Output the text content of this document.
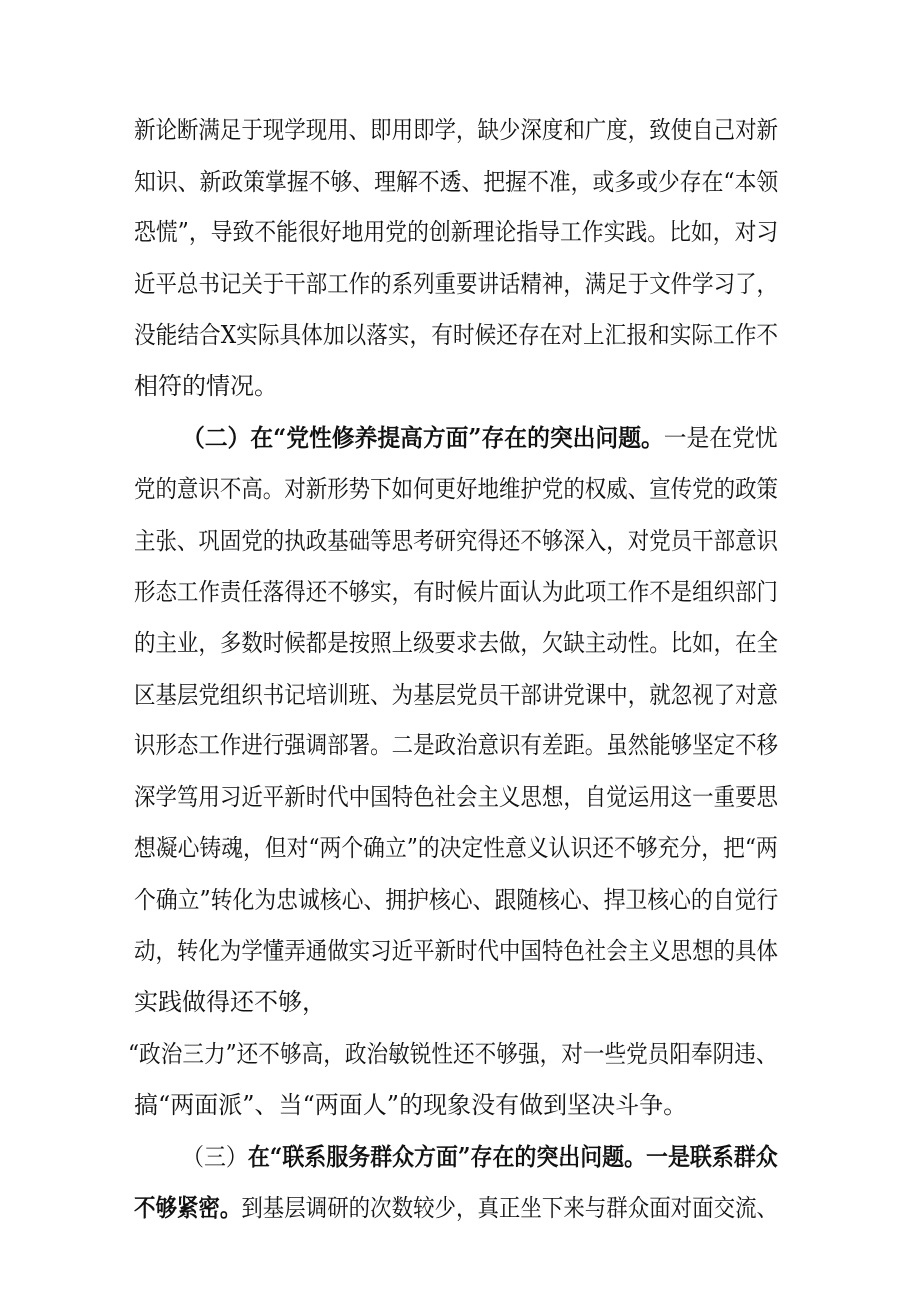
新论断满足于现学现用、即用即学，缺少深度和广度，致使自己对新

知识、新政策掌握不够、理解不透、把握不准，或多或少存在“本领

恐慌”，导致不能很好地用党的创新理论指导工作实践。比如，对习

近平总书记关于干部工作的系列重要讲话精神，满足于文件学习了，

没能结合X实际具体加以落实，有时候还存在对上汇报和实际工作不

相符的情况。

（二）在“党性修养提高方面”存在的突出问题。一是在党忧

党的意识不高。对新形势下如何更好地维护党的权威、宣传党的政策

主张、巩固党的执政基础等思考研究得还不够深入，对党员干部意识

形态工作责任落得还不够实，有时候片面认为此项工作不是组织部门

的主业，多数时候都是按照上级要求去做，欠缺主动性。比如，在全

区基层党组织书记培训班、为基层党员干部讲党课中，就忽视了对意

识形态工作进行强调部署。二是政治意识有差距。虽然能够坚定不移

深学笃用习近平新时代中国特色社会主义思想，自觉运用这一重要思

想凝心铸魂，但对“两个确立”的决定性意义认识还不够充分，把“两

个确立”转化为忠诚核心、拥护核心、跟随核心、捍卫核心的自觉行

动，转化为学懂弄通做实习近平新时代中国特色社会主义思想的具体

实践做得还不够，

“政治三力”还不够高，政治敏锐性还不够强，对一些党员阳奉阴违、

搞“两面派”、当“两面人”的现象没有做到坚决斗争。

（三）在“联系服务群众方面”存在的突出问题。一是联系群众

不够紧密。到基层调研的次数较少，真正坐下来与群众面对面交流、
